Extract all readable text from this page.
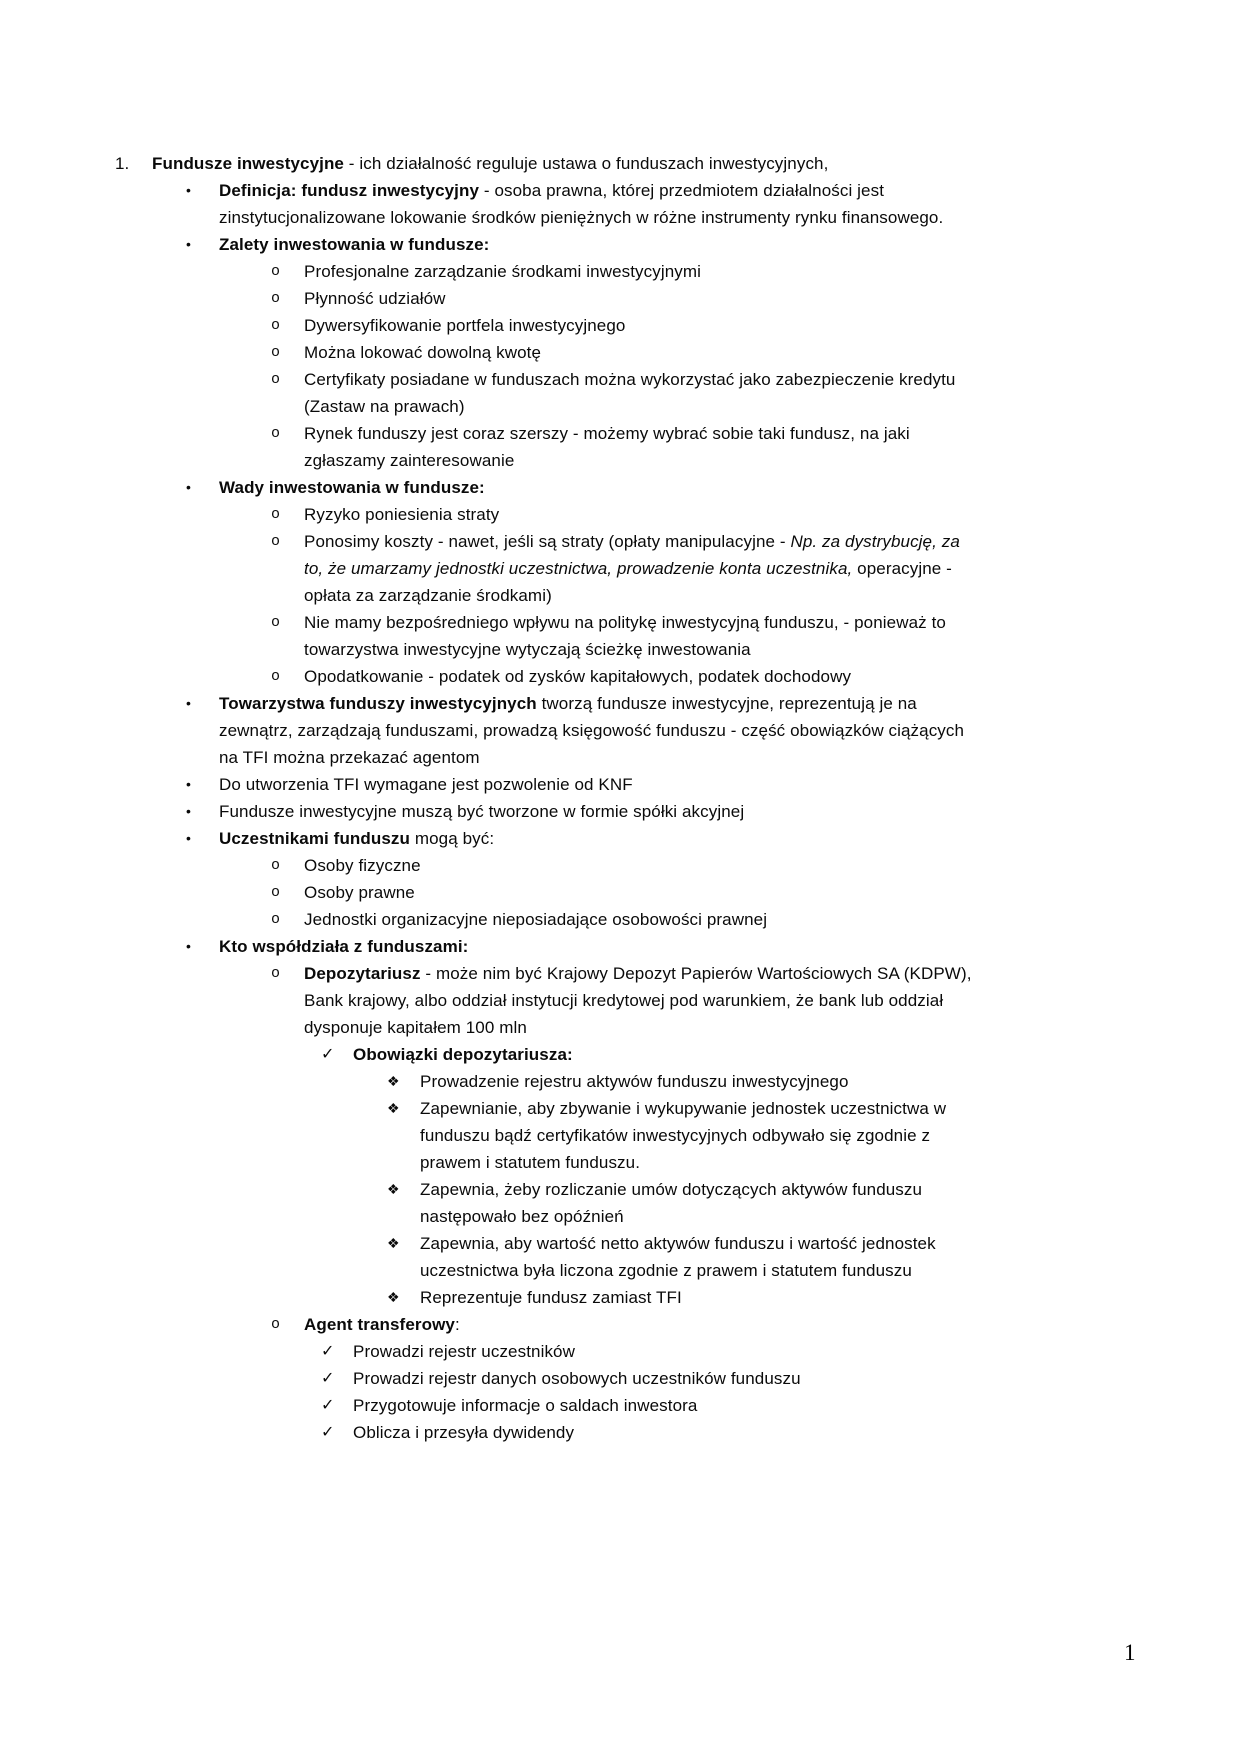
1. Fundusze inwestycyjne - ich działalność reguluje ustawa o funduszach inwestycyjnych,
• Definicja: fundusz inwestycyjny - osoba prawna, której przedmiotem działalności jest zinstytucjonalizowane lokowanie środków pieniężnych w różne instrumenty rynku finansowego.
• Zalety inwestowania w fundusze:
o Profesjonalne zarządzanie środkami inwestycyjnymi
o Płynność udziałów
o Dywersyfikowanie portfela inwestycyjnego
o Można lokować dowolną kwotę
o Certyfikaty posiadane w funduszach można wykorzystać jako zabezpieczenie kredytu (Zastaw na prawach)
o Rynek funduszy jest coraz szerszy - możemy wybrać sobie taki fundusz, na jaki zgłaszamy zainteresowanie
• Wady inwestowania w fundusze:
o Ryzyko poniesienia straty
o Ponosimy koszty - nawet, jeśli są straty (opłaty manipulacyjne - Np. za dystrybucję, za to, że umarzamy jednostki uczestnictwa, prowadzenie konta uczestnika, operacyjne - opłata za zarządzanie środkami)
o Nie mamy bezpośredniego wpływu na politykę inwestycyjną funduszu, - ponieważ to towarzystwa inwestycyjne wytyczają ścieżkę inwestowania
o Opodatkowanie - podatek od zysków kapitałowych, podatek dochodowy
• Towarzystwa funduszy inwestycyjnych tworzą fundusze inwestycyjne, reprezentują je na zewnątrz, zarządzają funduszami, prowadzą księgowość funduszu - część obowiązków ciążących na TFI można przekazać agentom
• Do utworzenia TFI wymagane jest pozwolenie od KNF
• Fundusze inwestycyjne muszą być tworzone w formie spółki akcyjnej
• Uczestnikami funduszu mogą być:
o Osoby fizyczne
o Osoby prawne
o Jednostki organizacyjne nieposiadające osobowości prawnej
• Kto współdziała z funduszami:
o Depozytariusz - może nim być Krajowy Depozyt Papierów Wartościowych SA (KDPW), Bank krajowy, albo oddział instytucji kredytowej pod warunkiem, że bank lub oddział dysponuje kapitałem 100 mln
✓ Obowiązki depozytariusza:
❖ Prowadzenie rejestru aktywów funduszu inwestycyjnego
❖ Zapewnianie, aby zbywanie i wykupywanie jednostek uczestnictwa w funduszu bądź certyfikatów inwestycyjnych odbywało się zgodnie z prawem i statutem funduszu.
❖ Zapewnia, żeby rozliczanie umów dotyczących aktywów funduszu następowało bez opóźnień
❖ Zapewnia, aby wartość netto aktywów funduszu i wartość jednostek uczestnictwa była liczona zgodnie z prawem i statutem funduszu
❖ Reprezentuje fundusz zamiast TFI
o Agent transferowy:
✓ Prowadzi rejestr uczestników
✓ Prowadzi rejestr danych osobowych uczestników funduszu
✓ Przygotowuje informacje o saldach inwestora
✓ Oblicza i przesyła dywidendy
1
